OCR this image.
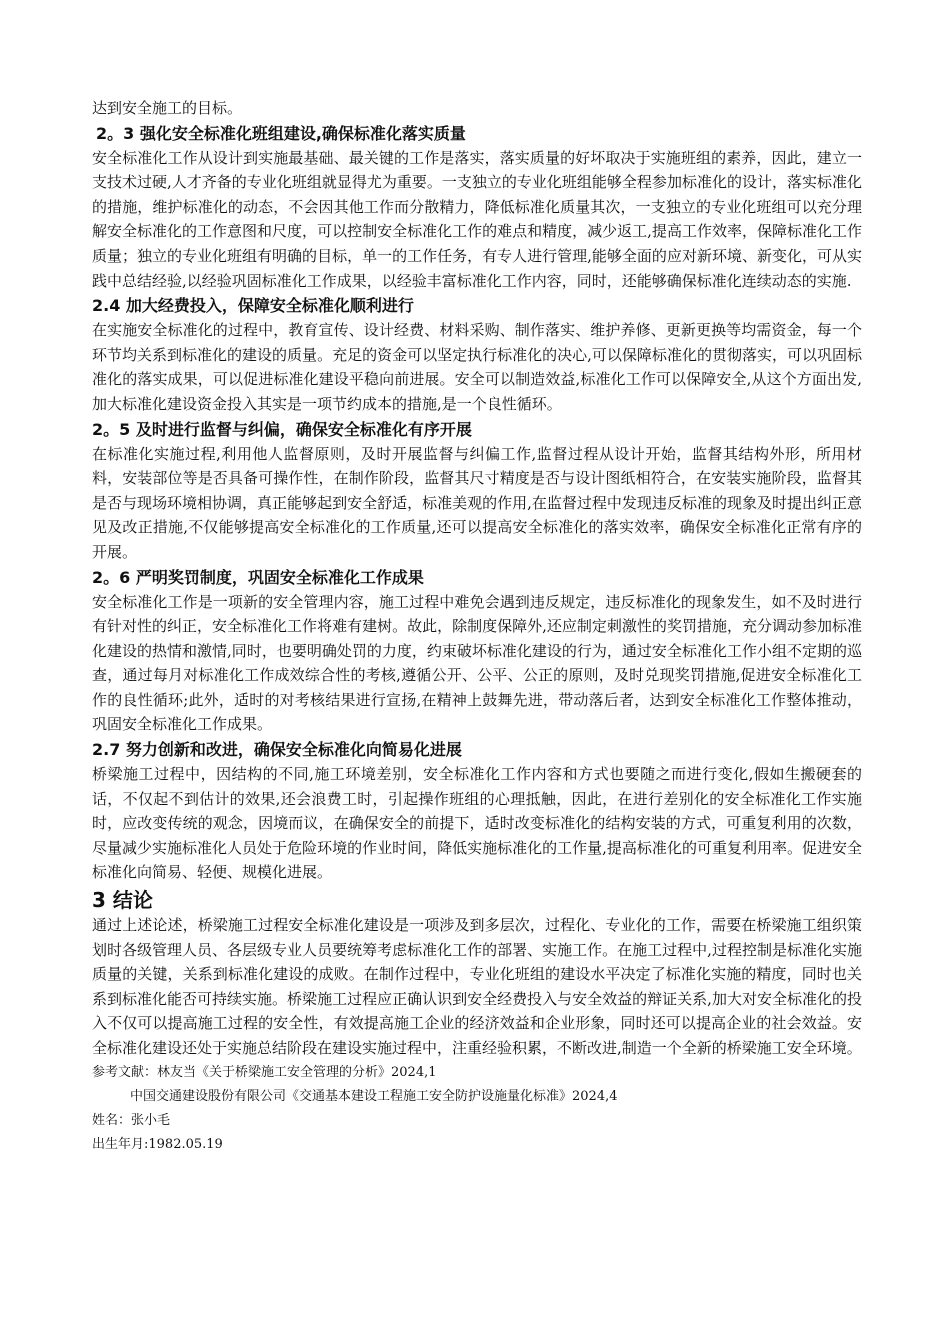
达到安全施工的目标。

2。3 强化安全标准化班组建设,确保标准化落实质量

安全标准化工作从设计到实施最基础、最关键的工作是落实，落实质量的好坏取决于实施班组的素养，因此，建立一支技术过硬,人才齐备的专业化班组就显得尤为重要。一支独立的专业化班组能够全程参加标准化的设计，落实标准化的措施，维护标准化的动态，不会因其他工作而分散精力，降低标准化质量其次，一支独立的专业化班组可以充分理解安全标准化的工作意图和尺度，可以控制安全标准化工作的难点和精度，减少返工,提高工作效率，保障标准化工作质量；独立的专业化班组有明确的目标，单一的工作任务，有专人进行管理,能够全面的应对新环境、新变化，可从实践中总结经验,以经验巩固标准化工作成果，以经验丰富标准化工作内容，同时，还能够确保标准化连续动态的实施.

2.4 加大经费投入，保障安全标准化顺利进行

在实施安全标准化的过程中，教育宣传、设计经费、材料采购、制作落实、维护养修、更新更换等均需资金，每一个环节均关系到标准化的建设的质量。充足的资金可以坚定执行标准化的决心,可以保障标准化的贯彻落实，可以巩固标准化的落实成果，可以促进标准化建设平稳向前进展。安全可以制造效益,标准化工作可以保障安全,从这个方面出发,加大标准化建设资金投入其实是一项节约成本的措施,是一个良性循环。

2。5 及时进行监督与纠偏，确保安全标准化有序开展

在标准化实施过程,利用他人监督原则，及时开展监督与纠偏工作,监督过程从设计开始，监督其结构外形，所用材料，安装部位等是否具备可操作性，在制作阶段，监督其尺寸精度是否与设计图纸相符合，在安装实施阶段，监督其是否与现场环境相协调，真正能够起到安全舒适，标准美观的作用,在监督过程中发现违反标准的现象及时提出纠正意见及改正措施,不仅能够提高安全标准化的工作质量,还可以提高安全标准化的落实效率，确保安全标准化正常有序的开展。

2。6 严明奖罚制度，巩固安全标准化工作成果

安全标准化工作是一项新的安全管理内容，施工过程中难免会遇到违反规定，违反标准化的现象发生，如不及时进行有针对性的纠正，安全标准化工作将难有建树。故此，除制度保障外,还应制定刺激性的奖罚措施，充分调动参加标准化建设的热情和激情,同时，也要明确处罚的力度，约束破坏标准化建设的行为，通过安全标准化工作小组不定期的巡查，通过每月对标准化工作成效综合性的考核,遵循公开、公平、公正的原则，及时兑现奖罚措施,促进安全标准化工作的良性循环;此外，适时的对考核结果进行宣扬,在精神上鼓舞先进，带动落后者，达到安全标准化工作整体推动，巩固安全标准化工作成果。

2.7 努力创新和改进，确保安全标准化向简易化进展

桥梁施工过程中，因结构的不同,施工环境差别，安全标准化工作内容和方式也要随之而进行变化,假如生搬硬套的话，不仅起不到估计的效果,还会浪费工时，引起操作班组的心理抵触，因此，在进行差别化的安全标准化工作实施时，应改变传统的观念，因境而议，在确保安全的前提下，适时改变标准化的结构安装的方式，可重复利用的次数，尽量减少实施标准化人员处于危险环境的作业时间，降低实施标准化的工作量,提高标准化的可重复利用率。促进安全标准化向简易、轻便、规模化进展。

3 结论

通过上述论述，桥梁施工过程安全标准化建设是一项涉及到多层次，过程化、专业化的工作，需要在桥梁施工组织策划时各级管理人员、各层级专业人员要统筹考虑标准化工作的部署、实施工作。在施工过程中,过程控制是标准化实施质量的关键，关系到标准化建设的成败。在制作过程中，专业化班组的建设水平决定了标准化实施的精度，同时也关系到标准化能否可持续实施。桥梁施工过程应正确认识到安全经费投入与安全效益的辩证关系,加大对安全标准化的投入不仅可以提高施工过程的安全性，有效提高施工企业的经济效益和企业形象，同时还可以提高企业的社会效益。安全标准化建设还处于实施总结阶段在建设实施过程中，注重经验积累，不断改进,制造一个全新的桥梁施工安全环境。

参考文献：林友当《关于桥梁施工安全管理的分析》2024,1

中国交通建设股份有限公司《交通基本建设工程施工安全防护设施量化标准》2024,4

姓名：张小毛

出生年月:1982.05.19
